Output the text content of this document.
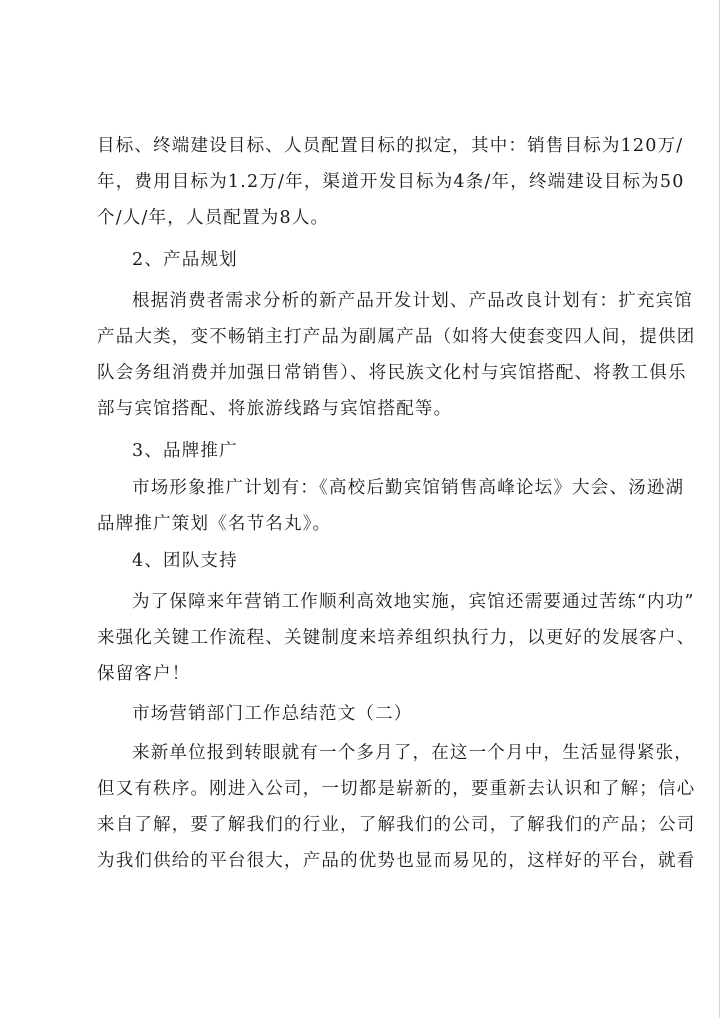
目标、终端建设目标、人员配置目标的拟定，其中：销售目标为120万/
年，费用目标为1.2万/年，渠道开发目标为4条/年，终端建设目标为50
个/人/年，人员配置为8人。
2、产品规划
根据消费者需求分析的新产品开发计划、产品改良计划有：扩充宾馆
产品大类，变不畅销主打产品为副属产品（如将大使套变四人间，提供团
队会务组消费并加强日常销售）、将民族文化村与宾馆搭配、将教工俱乐
部与宾馆搭配、将旅游线路与宾馆搭配等。
3、品牌推广
市场形象推广计划有：《高校后勤宾馆销售高峰论坛》大会、汤逊湖
品牌推广策划《名节名丸》。
4、团队支持
为了保障来年营销工作顺利高效地实施，宾馆还需要通过苦练“内功”
来强化关键工作流程、关键制度来培养组织执行力，以更好的发展客户、
保留客户！
市场营销部门工作总结范文（二）
来新单位报到转眼就有一个多月了，在这一个月中，生活显得紧张，
但又有秩序。刚进入公司，一切都是崭新的，要重新去认识和了解；信心
来自了解，要了解我们的行业，了解我们的公司，了解我们的产品；公司
为我们供给的平台很大，产品的优势也显而易见的，这样好的平台，就看
